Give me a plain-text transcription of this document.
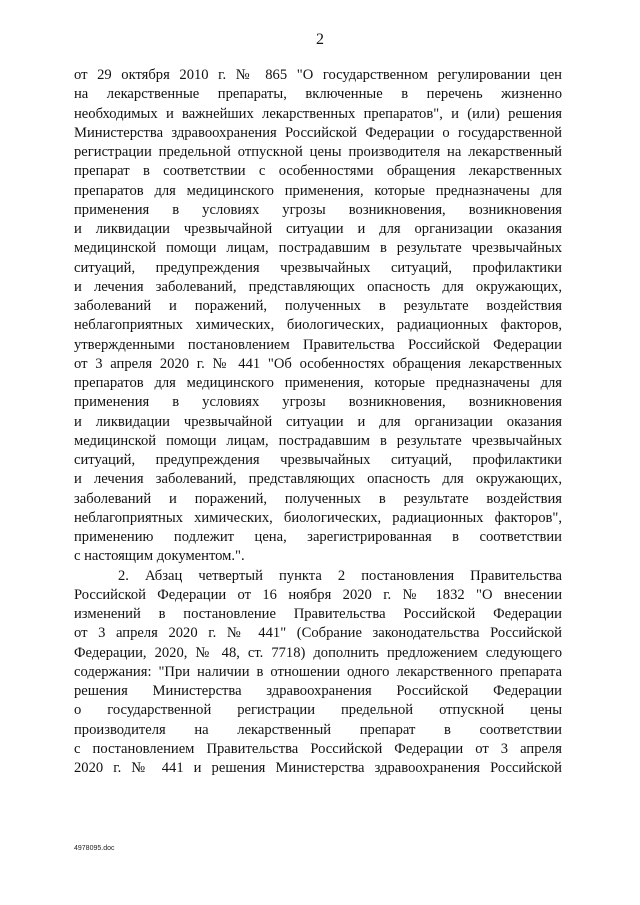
2
от 29 октября 2010 г. № 865 "О государственном регулировании цен
на лекарственные препараты, включенные в перечень жизненно
необходимых и важнейших лекарственных препаратов", и (или) решения
Министерства здравоохранения Российской Федерации о государственной
регистрации предельной отпускной цены производителя на лекарственный
препарат в соответствии с особенностями обращения лекарственных
препаратов для медицинского применения, которые предназначены для
применения в условиях угрозы возникновения, возникновения
и ликвидации чрезвычайной ситуации и для организации оказания
медицинской помощи лицам, пострадавшим в результате чрезвычайных
ситуаций, предупреждения чрезвычайных ситуаций, профилактики
и лечения заболеваний, представляющих опасность для окружающих,
заболеваний и поражений, полученных в результате воздействия
неблагоприятных химических, биологических, радиационных факторов,
утвержденными постановлением Правительства Российской Федерации
от 3 апреля 2020 г. № 441 "Об особенностях обращения лекарственных
препаратов для медицинского применения, которые предназначены для
применения в условиях угрозы возникновения, возникновения
и ликвидации чрезвычайной ситуации и для организации оказания
медицинской помощи лицам, пострадавшим в результате чрезвычайных
ситуаций, предупреждения чрезвычайных ситуаций, профилактики
и лечения заболеваний, представляющих опасность для окружающих,
заболеваний и поражений, полученных в результате воздействия
неблагоприятных химических, биологических, радиационных факторов",
применению подлежит цена, зарегистрированная в соответствии
с настоящим документом.".
2. Абзац четвертый пункта 2 постановления Правительства
Российской Федерации от 16 ноября 2020 г. № 1832 "О внесении
изменений в постановление Правительства Российской Федерации
от 3 апреля 2020 г. № 441" (Собрание законодательства Российской
Федерации, 2020, № 48, ст. 7718) дополнить предложением следующего
содержания: "При наличии в отношении одного лекарственного препарата
решения Министерства здравоохранения Российской Федерации
о государственной регистрации предельной отпускной цены
производителя на лекарственный препарат в соответствии
с постановлением Правительства Российской Федерации от 3 апреля
2020 г. № 441 и решения Министерства здравоохранения Российской
4978095.doc
